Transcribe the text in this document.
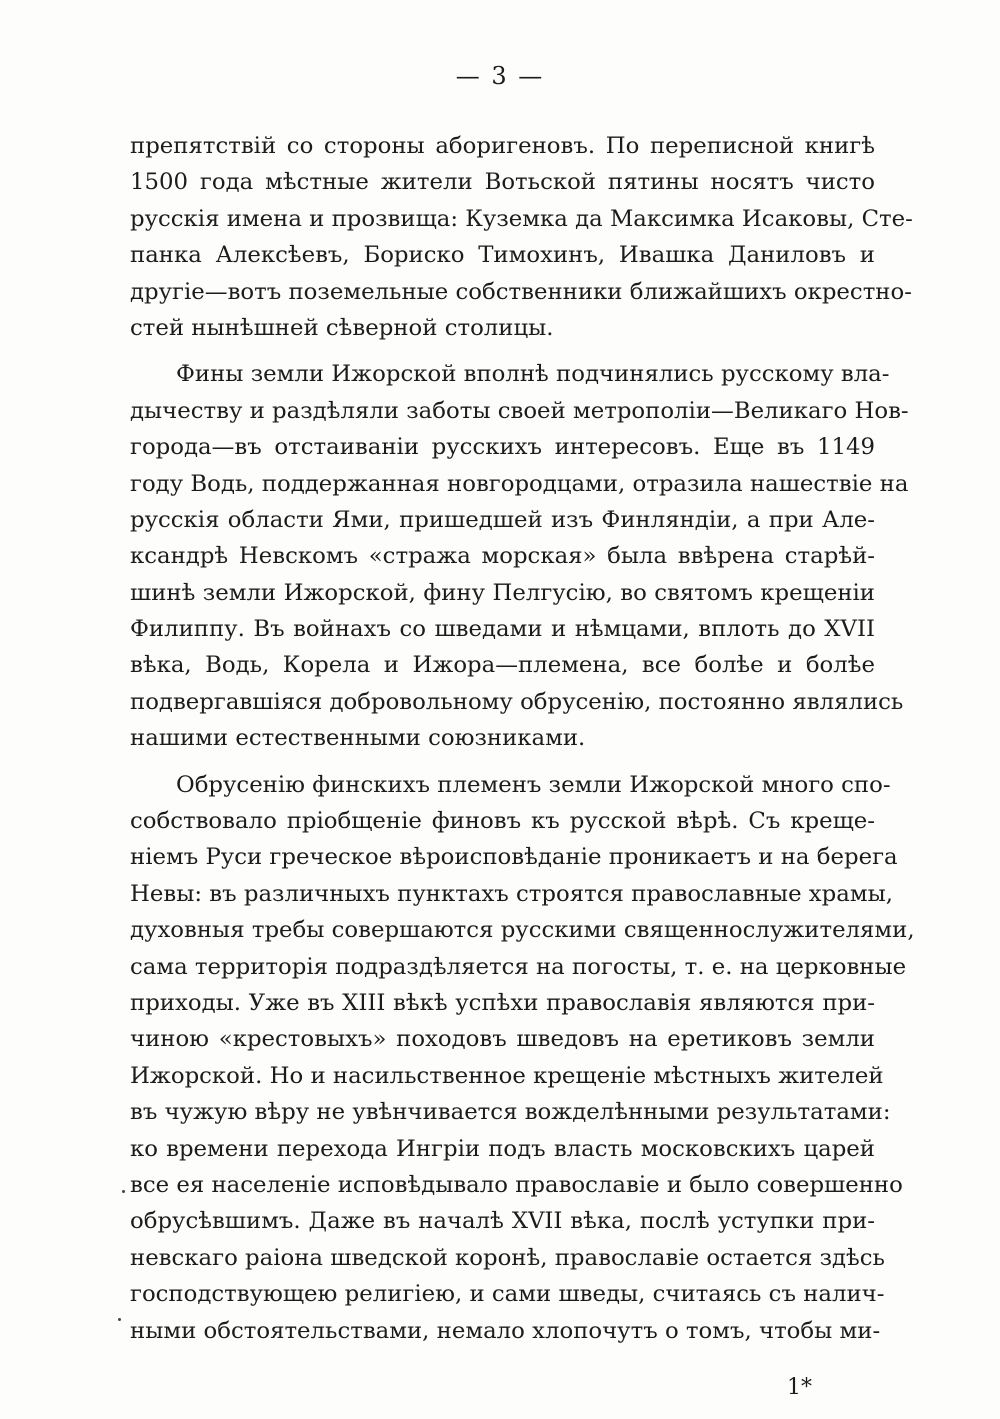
— 3 —
препятствій со стороны аборигеновъ. По переписной книгѣ
1500 года мѣстные жители Вотьской пятины носятъ чисто
русскія имена и прозвища: Куземка да Максимка Исаковы, Сте-
панка Алексѣевъ, Бориско Тимохинъ, Ивашка Даниловъ и
другіе—вотъ поземельные собственники ближайшихъ окрестно-
стей нынѣшней сѣверной столицы.
Фины земли Ижорской вполнѣ подчинялись русскому вла-
дычеству и раздѣляли заботы своей метрополіи—Великаго Нов-
города—въ отстаиваніи русскихъ интересовъ. Еще въ 1149
году Водь, поддержанная новгородцами, отразила нашествіе на
русскія области Ями, пришедшей изъ Финляндіи, а при Але-
ксандрѣ Невскомъ «стража морская» была ввѣрена старѣй-
шинѣ земли Ижорской, фину Пелгусію, во святомъ крещеніи
Филиппу. Въ войнахъ со шведами и нѣмцами, вплоть до XVII
вѣка, Водь, Корела и Ижора—племена, все болѣе и болѣе
подвергавшіяся добровольному обрусенію, постоянно являлись
нашими естественными союзниками.
Обрусенію финскихъ племенъ земли Ижорской много спо-
собствовало пріобщеніе финовъ къ русской вѣрѣ. Съ креще-
ніемъ Руси греческое вѣроисповѣданіе проникаетъ и на берега
Невы: въ различныхъ пунктахъ строятся православные храмы,
духовныя требы совершаются русскими священнослужителями,
сама территорія подраздѣляется на погосты, т. е. на церковные
приходы. Уже въ XIII вѣкѣ успѣхи православія являются при-
чиною «крестовыхъ» походовъ шведовъ на еретиковъ земли
Ижорской. Но и насильственное крещеніе мѣстныхъ жителей
въ чужую вѣру не увѣнчивается вожделѣнными результатами:
ко времени перехода Ингріи подъ власть московскихъ царей
все ея населеніе исповѣдывало православіе и было совершенно
обрусѣвшимъ. Даже въ началѣ XVII вѣка, послѣ уступки при-
невскаго раіона шведской коронѣ, православіе остается здѣсь
господствующею религіею, и сами шведы, считаясь съ налич-
ными обстоятельствами, немало хлопочутъ о томъ, чтобы ми-
1*
